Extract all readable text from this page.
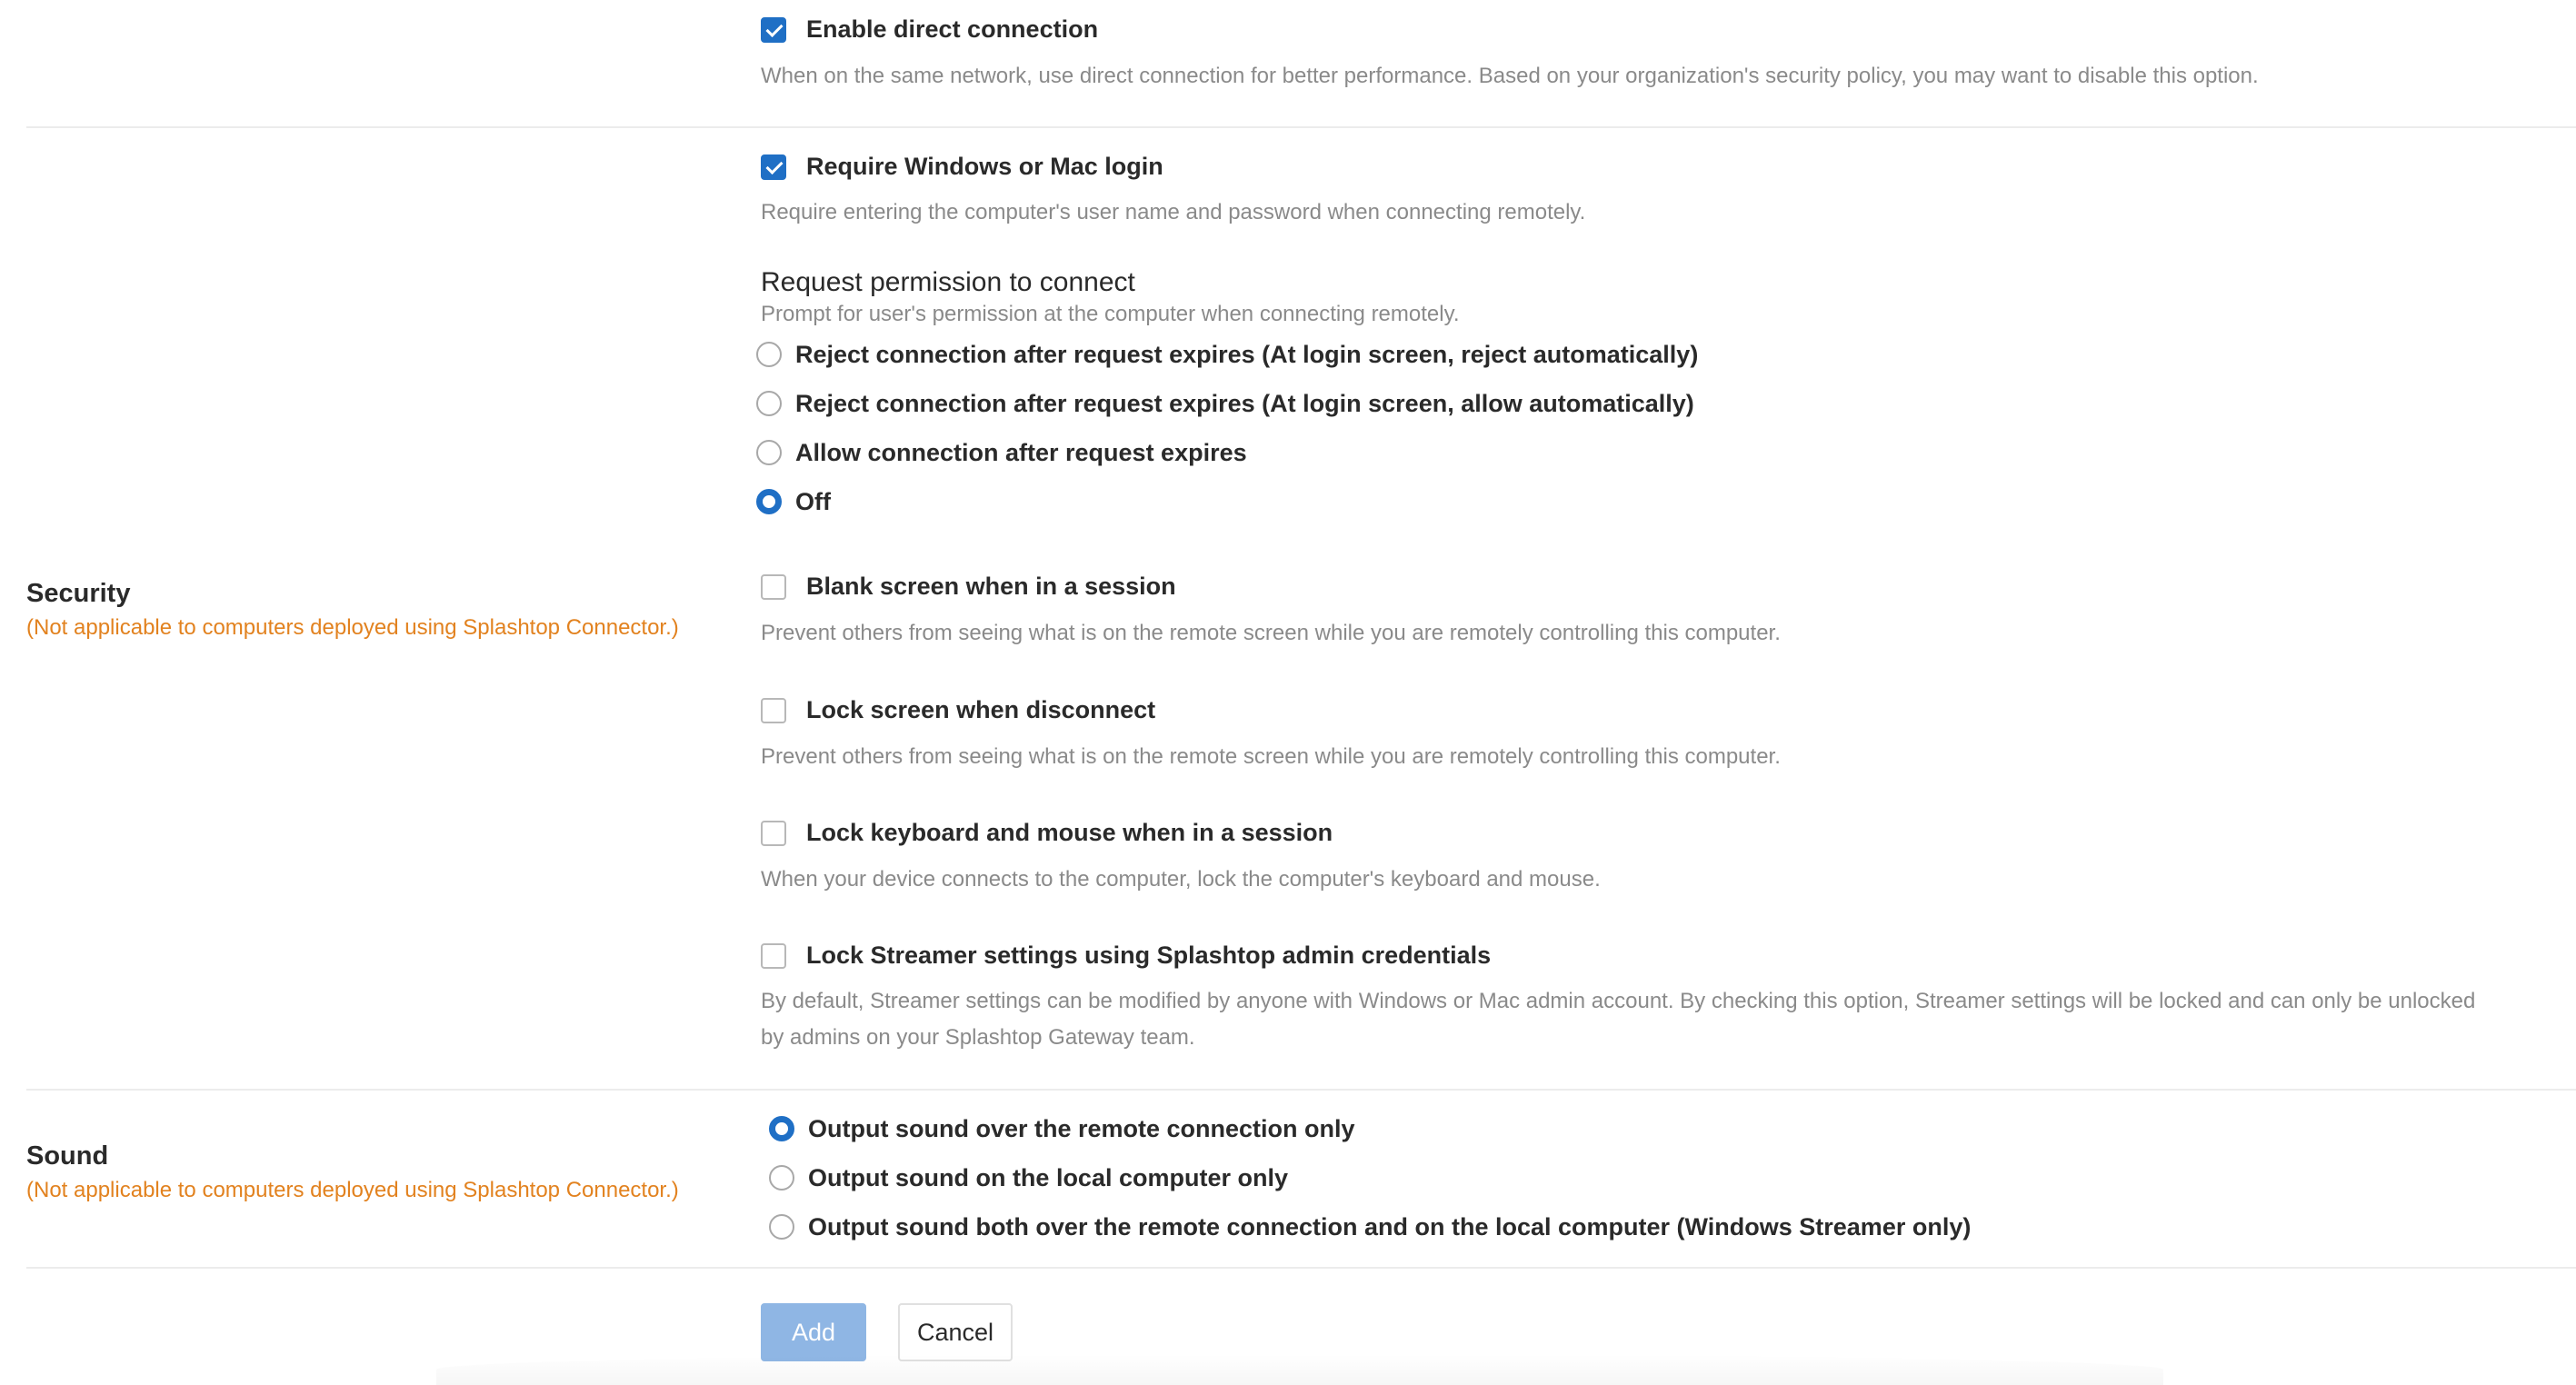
Enable direct connection
When on the same network, use direct connection for better performance. Based on your organization's security policy, you may want to disable this option.
Security
(Not applicable to computers deployed using Splashtop Connector.)
Require Windows or Mac login
Require entering the computer's user name and password when connecting remotely.
Request permission to connect
Prompt for user's permission at the computer when connecting remotely.
Reject connection after request expires (At login screen, reject automatically)
Reject connection after request expires (At login screen, allow automatically)
Allow connection after request expires
Off
Blank screen when in a session
Prevent others from seeing what is on the remote screen while you are remotely controlling this computer.
Lock screen when disconnect
Prevent others from seeing what is on the remote screen while you are remotely controlling this computer.
Lock keyboard and mouse when in a session
When your device connects to the computer, lock the computer's keyboard and mouse.
Lock Streamer settings using Splashtop admin credentials
By default, Streamer settings can be modified by anyone with Windows or Mac admin account. By checking this option, Streamer settings will be locked and can only be unlocked by admins on your Splashtop Gateway team.
Sound
(Not applicable to computers deployed using Splashtop Connector.)
Output sound over the remote connection only
Output sound on the local computer only
Output sound both over the remote connection and on the local computer (Windows Streamer only)
Add	Cancel
